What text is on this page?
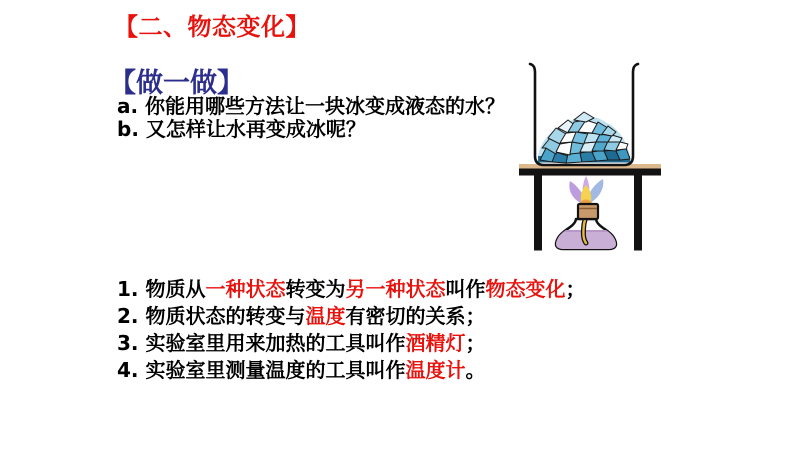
【二、物态变化】
【做一做】
a. 你能用哪些方法让一块冰变成液态的水？
b. 又怎样让水再变成冰呢？
1. 物质从一种状态转变为另一种状态叫作物态变化；
2. 物质状态的转变与温度有密切的关系；
3. 实验室里用来加热的工具叫作酒精灯；
4. 实验室里测量温度的工具叫作温度计。
